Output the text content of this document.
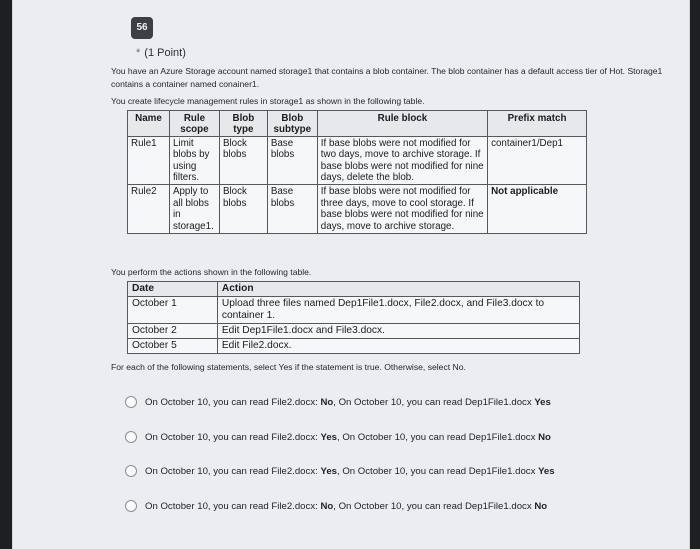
56
* (1 Point)
You have an Azure Storage account named storage1 that contains a blob container. The blob container has a default access tier of Hot. Storage1
contains a container named conainer1.
You create lifecycle management rules in storage1 as shown in the following table.
Name	Rule scope	Blob type	Blob subtype	Rule block	Prefix match
Rule1	Limit blobs by using filters.	Block blobs	Base blobs	If base blobs were not modified for two days, move to archive storage. If base blobs were not modified for nine days, delete the blob.	container1/Dep1
Rule2	Apply to all blobs in storage1.	Block blobs	Base blobs	If base blobs were not modified for three days, move to cool storage. If base blobs were not modified for nine days, move to archive storage.	Not applicable
You perform the actions shown in the following table.
Date	Action
October 1	Upload three files named Dep1File1.docx, File2.docx, and File3.docx to container 1.
October 2	Edit Dep1File1.docx and File3.docx.
October 5	Edit File2.docx.
For each of the following statements, select Yes if the statement is true. Otherwise, select No.
On October 10, you can read File2.docx: No, On October 10, you can read Dep1File1.docx Yes
On October 10, you can read File2.docx: Yes, On October 10, you can read Dep1File1.docx No
On October 10, you can read File2.docx: Yes, On October 10, you can read Dep1File1.docx Yes
On October 10, you can read File2.docx: No, On October 10, you can read Dep1File1.docx No
